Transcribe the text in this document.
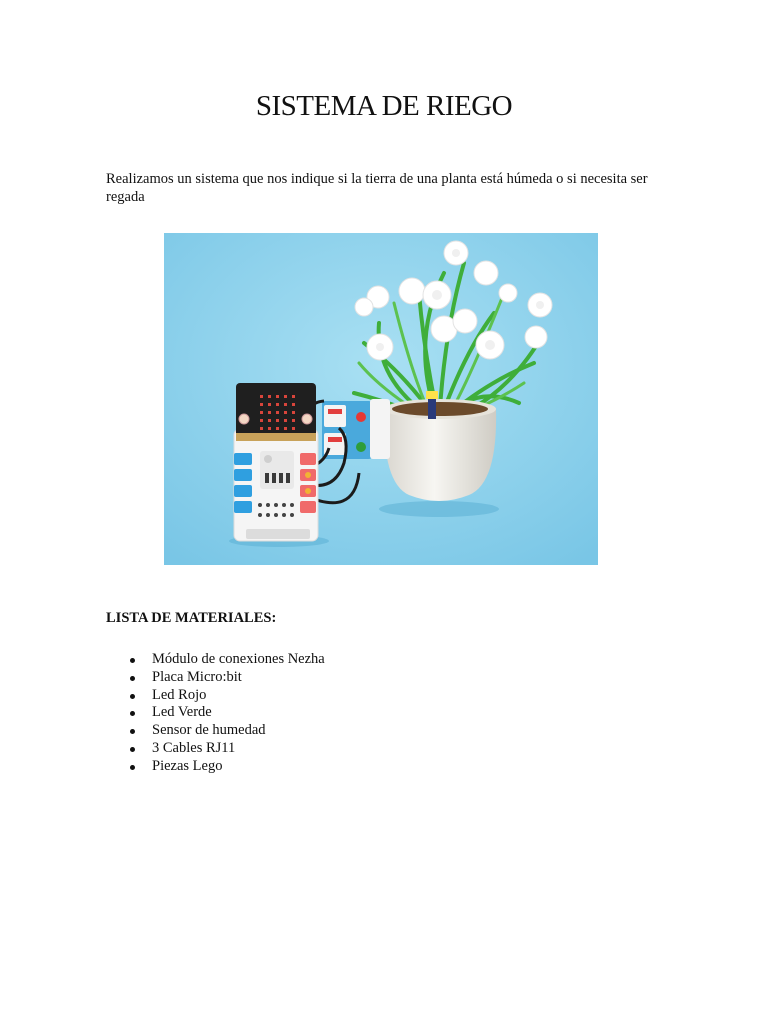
SISTEMA DE RIEGO

Realizamos un sistema que nos indique si la tierra de una planta está húmeda o si necesita ser regada

LISTA DE MATERIALES:
Módulo de conexiones Nezha
Placa Micro:bit
Led Rojo
Led Verde
Sensor de humedad
3 Cables RJ11
Piezas Lego
